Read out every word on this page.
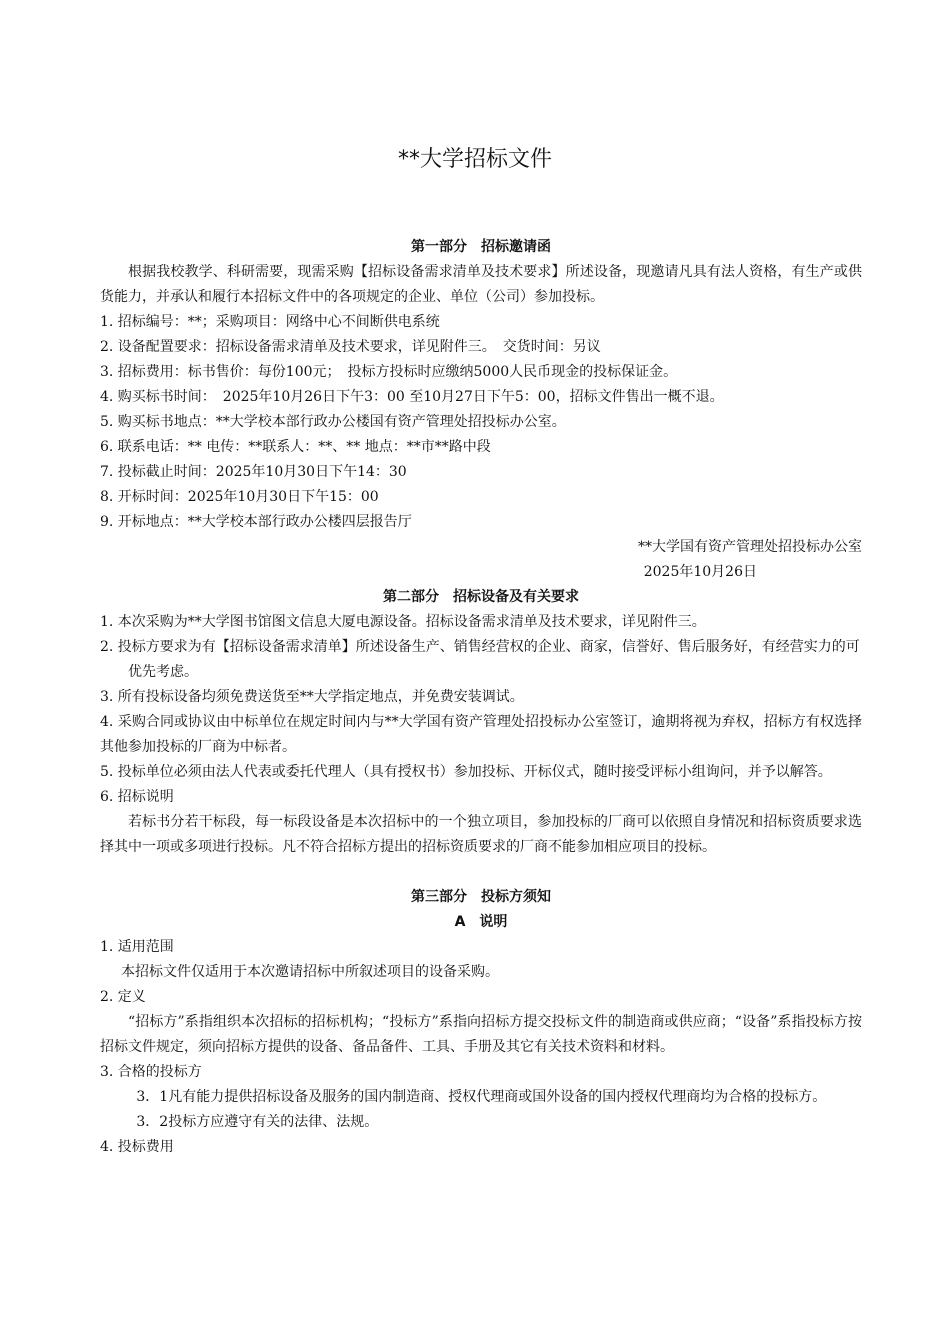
**大学招标文件
第一部分　招标邀请函
根据我校教学、科研需要，现需采购【招标设备需求清单及技术要求】所述设备，现邀请凡具有法人资格，有生产或供货能力，并承认和履行本招标文件中的各项规定的企业、单位（公司）参加投标。
1. 招标编号：**；采购项目：网络中心不间断供电系统
2. 设备配置要求：招标设备需求清单及技术要求，详见附件三。　交货时间：另议
3. 招标费用：标书售价：每份100元；　投标方投标时应缴纳5000人民币现金的投标保证金。
4. 购买标书时间：　2025年10月26日下午3：00 至10月27日下午5：00，招标文件售出一概不退。
5. 购买标书地点：**大学校本部行政办公楼国有资产管理处招投标办公室。
6. 联系电话：** 电传：**联系人：**、** 地点：**市**路中段
7. 投标截止时间：2025年10月30日下午14：30
8. 开标时间：2025年10月30日下午15：00
9. 开标地点：**大学校本部行政办公楼四层报告厅
**大学国有资产管理处招投标办公室
2025年10月26日
第二部分　招标设备及有关要求
1. 本次采购为**大学图书馆图文信息大厦电源设备。招标设备需求清单及技术要求，详见附件三。
2. 投标方要求为有【招标设备需求清单】所述设备生产、销售经营权的企业、商家，信誉好、售后服务好，有经营实力的可优先考虑。
3. 所有投标设备均须免费送货至**大学指定地点，并免费安装调试。
4. 采购合同或协议由中标单位在规定时间内与**大学国有资产管理处招投标办公室签订，逾期将视为弃权，招标方有权选择其他参加投标的厂商为中标者。
5. 投标单位必须由法人代表或委托代理人（具有授权书）参加投标、开标仪式，随时接受评标小组询问，并予以解答。
6. 招标说明
若标书分若干标段，每一标段设备是本次招标中的一个独立项目，参加投标的厂商可以依照自身情况和招标资质要求选择其中一项或多项进行投标。凡不符合招标方提出的招标资质要求的厂商不能参加相应项目的投标。
第三部分　投标方须知
A　说明
1. 适用范围
本招标文件仅适用于本次邀请招标中所叙述项目的设备采购。
2. 定义
“招标方”系指组织本次招标的招标机构；“投标方”系指向招标方提交投标文件的制造商或供应商；“设备”系指投标方按招标文件规定，须向招标方提供的设备、备品备件、工具、手册及其它有关技术资料和材料。
3. 合格的投标方
3．1凡有能力提供招标设备及服务的国内制造商、授权代理商或国外设备的国内授权代理商均为合格的投标方。
3．2投标方应遵守有关的法律、法规。
4. 投标费用
